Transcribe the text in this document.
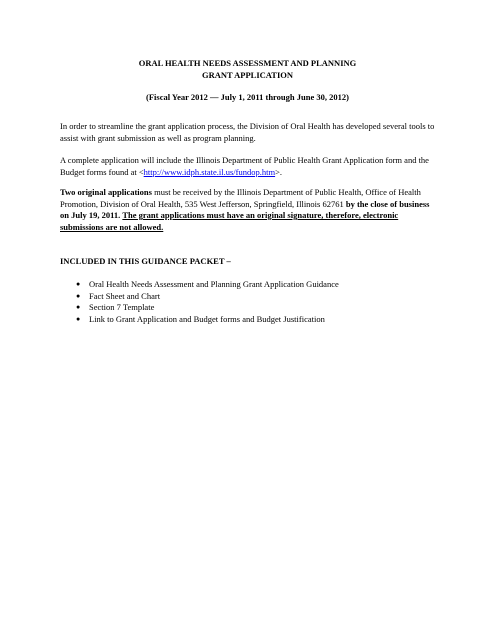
ORAL HEALTH NEEDS ASSESSMENT AND PLANNING
GRANT APPLICATION
(Fiscal Year 2012 — July 1, 2011 through June 30, 2012)

In order to streamline the grant application process, the Division of Oral Health has developed several tools to assist with grant submission as well as program planning.

A complete application will include the Illinois Department of Public Health Grant Application form and the Budget forms found at <http://www.idph.state.il.us/fundop.htm>.

Two original applications must be received by the Illinois Department of Public Health, Office of Health Promotion, Division of Oral Health, 535 West Jefferson, Springfield, Illinois 62761 by the close of business on July 19, 2011. The grant applications must have an original signature, therefore, electronic submissions are not allowed.

INCLUDED IN THIS GUIDANCE PACKET –
● Oral Health Needs Assessment and Planning Grant Application Guidance
● Fact Sheet and Chart
● Section 7 Template
● Link to Grant Application and Budget forms and Budget Justification
